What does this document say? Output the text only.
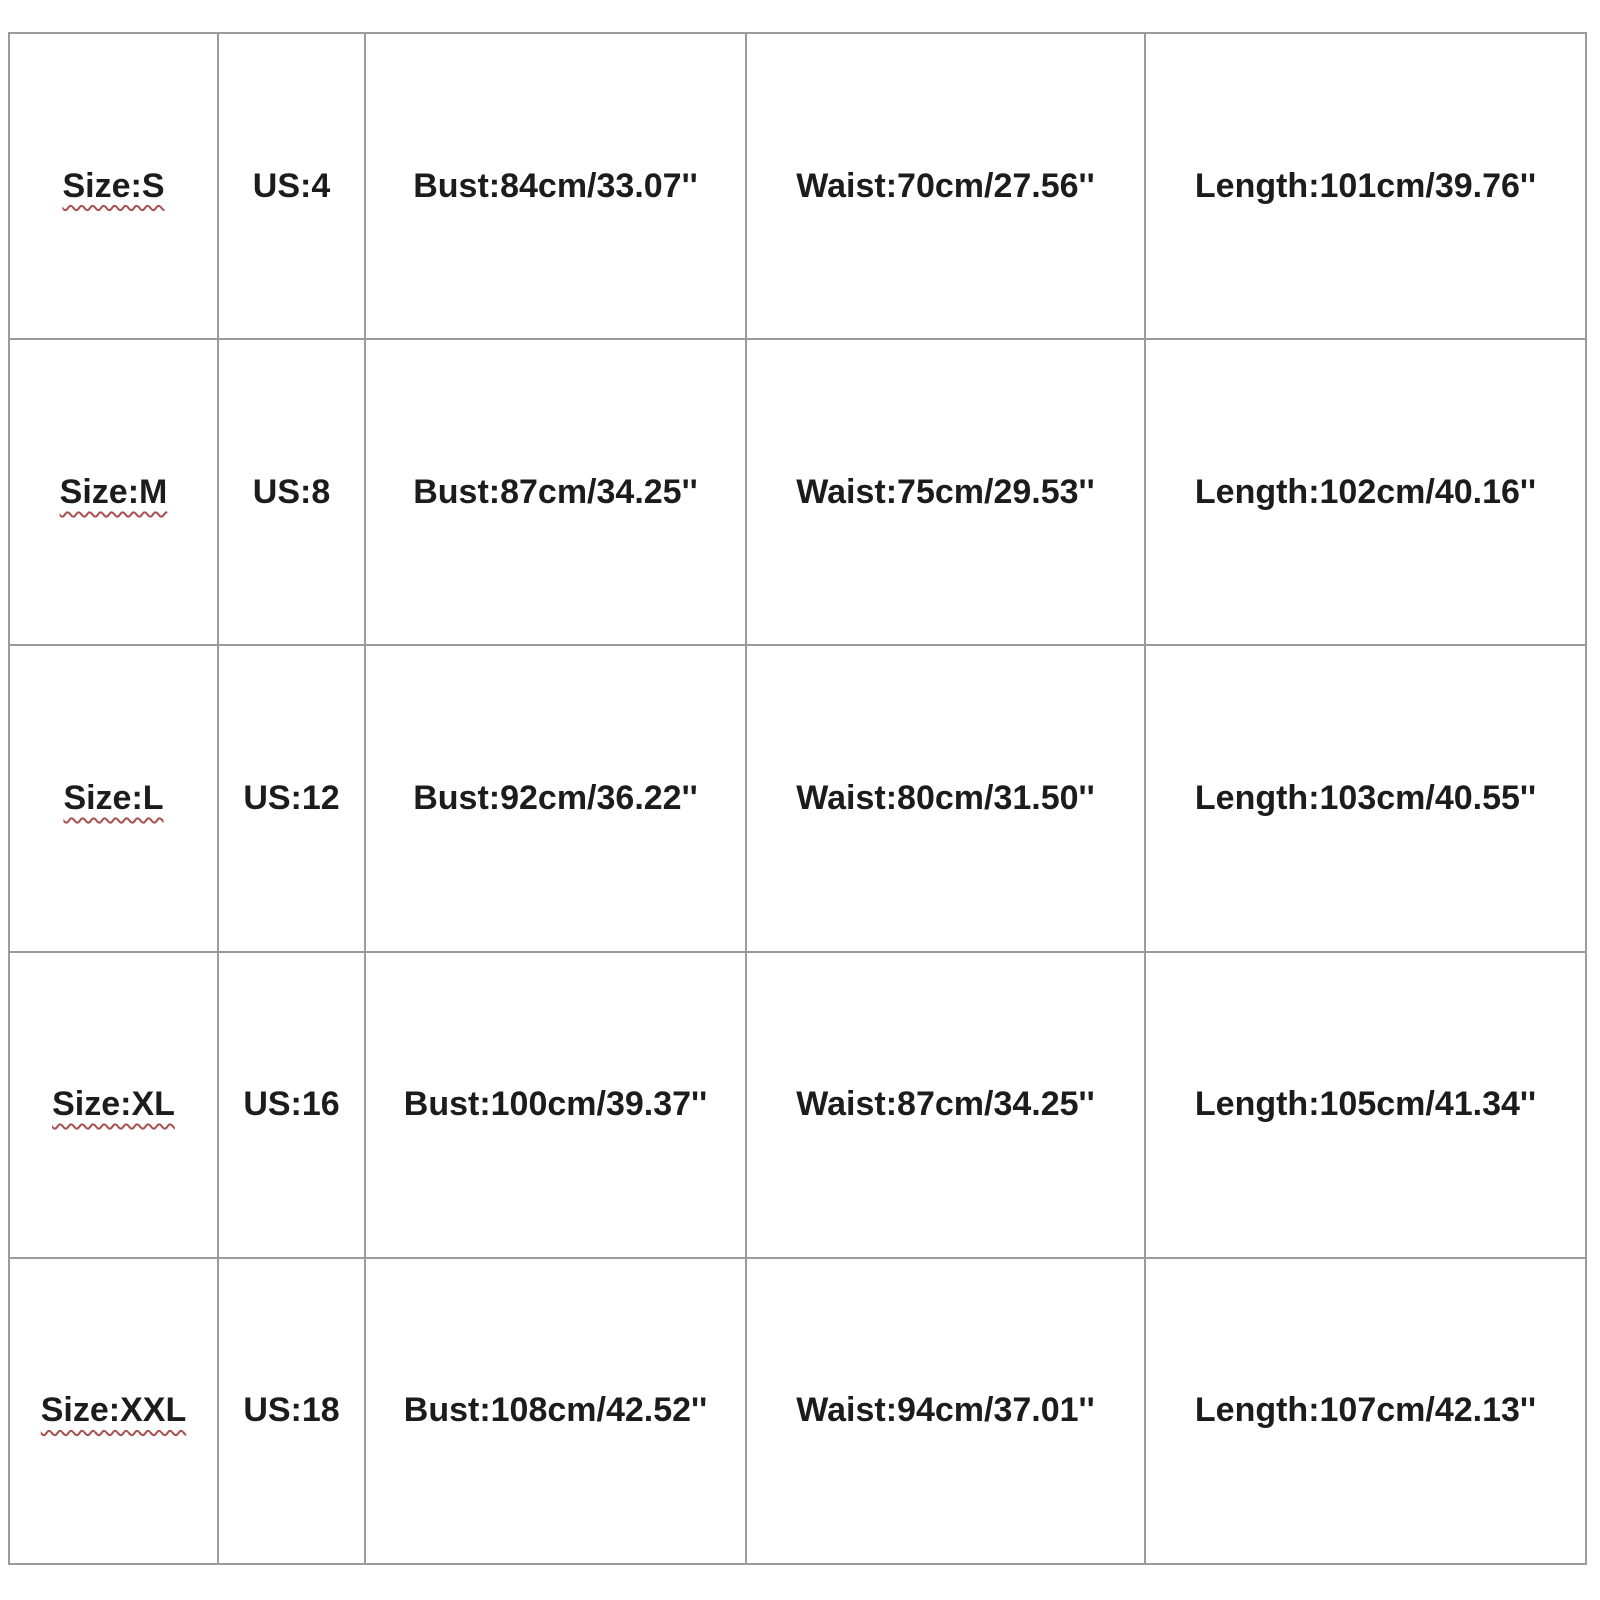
Size:S	US:4	Bust:84cm/33.07''	Waist:70cm/27.56''	Length:101cm/39.76''
Size:M	US:8	Bust:87cm/34.25''	Waist:75cm/29.53''	Length:102cm/40.16''
Size:L	US:12	Bust:92cm/36.22''	Waist:80cm/31.50''	Length:103cm/40.55''
Size:XL	US:16	Bust:100cm/39.37''	Waist:87cm/34.25''	Length:105cm/41.34''
Size:XXL	US:18	Bust:108cm/42.52''	Waist:94cm/37.01''	Length:107cm/42.13''
